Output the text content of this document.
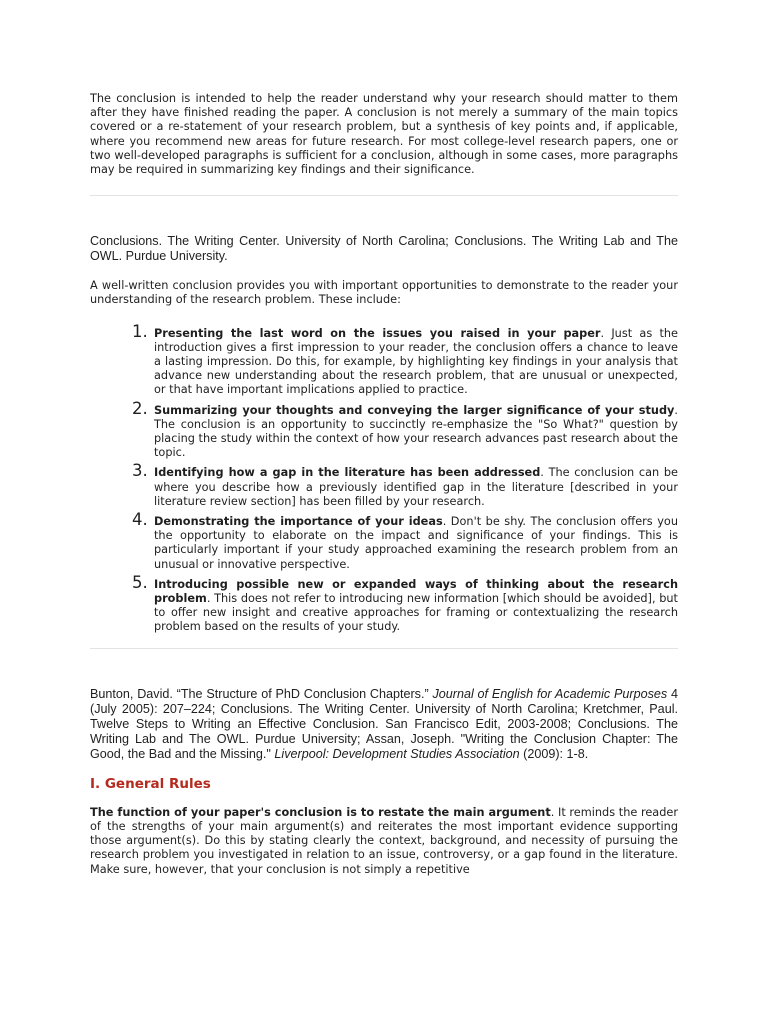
The conclusion is intended to help the reader understand why your research should matter to them after they have finished reading the paper. A conclusion is not merely a summary of the main topics covered or a re-statement of your research problem, but a synthesis of key points and, if applicable, where you recommend new areas for future research. For most college-level research papers, one or two well-developed paragraphs is sufficient for a conclusion, although in some cases, more paragraphs may be required in summarizing key findings and their significance.

Conclusions. The Writing Center. University of North Carolina; Conclusions. The Writing Lab and The OWL. Purdue University.

A well-written conclusion provides you with important opportunities to demonstrate to the reader your understanding of the research problem. These include:

1. Presenting the last word on the issues you raised in your paper. Just as the introduction gives a first impression to your reader, the conclusion offers a chance to leave a lasting impression. Do this, for example, by highlighting key findings in your analysis that advance new understanding about the research problem, that are unusual or unexpected, or that have important implications applied to practice.

2. Summarizing your thoughts and conveying the larger significance of your study. The conclusion is an opportunity to succinctly re-emphasize the "So What?" question by placing the study within the context of how your research advances past research about the topic.

3. Identifying how a gap in the literature has been addressed. The conclusion can be where you describe how a previously identified gap in the literature [described in your literature review section] has been filled by your research.

4. Demonstrating the importance of your ideas. Don't be shy. The conclusion offers you the opportunity to elaborate on the impact and significance of your findings. This is particularly important if your study approached examining the research problem from an unusual or innovative perspective.

5. Introducing possible new or expanded ways of thinking about the research problem. This does not refer to introducing new information [which should be avoided], but to offer new insight and creative approaches for framing or contextualizing the research problem based on the results of your study.

Bunton, David. “The Structure of PhD Conclusion Chapters.” Journal of English for Academic Purposes 4 (July 2005): 207–224; Conclusions. The Writing Center. University of North Carolina; Kretchmer, Paul. Twelve Steps to Writing an Effective Conclusion. San Francisco Edit, 2003-2008; Conclusions. The Writing Lab and The OWL. Purdue University; Assan, Joseph. "Writing the Conclusion Chapter: The Good, the Bad and the Missing." Liverpool: Development Studies Association (2009): 1-8.

I. General Rules

The function of your paper's conclusion is to restate the main argument. It reminds the reader of the strengths of your main argument(s) and reiterates the most important evidence supporting those argument(s). Do this by stating clearly the context, background, and necessity of pursuing the research problem you investigated in relation to an issue, controversy, or a gap found in the literature. Make sure, however, that your conclusion is not simply a repetitive
